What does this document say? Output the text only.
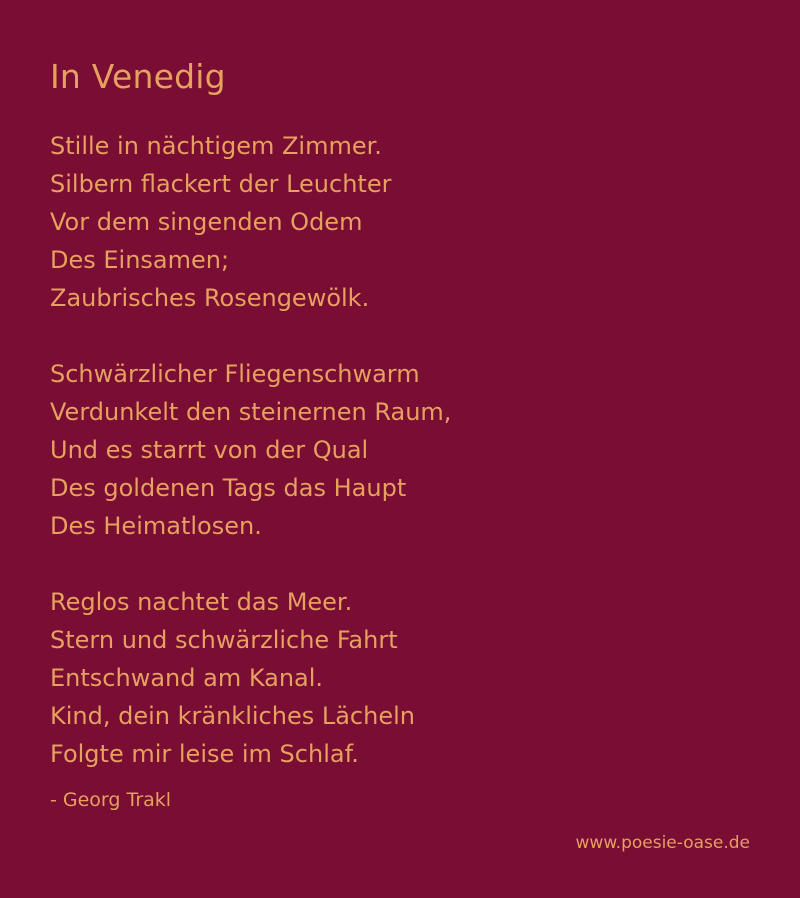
In Venedig
Stille in nächtigem Zimmer.
Silbern flackert der Leuchter
Vor dem singenden Odem
Des Einsamen;
Zaubrisches Rosengewölk.
Schwärzlicher Fliegenschwarm
Verdunkelt den steinernen Raum,
Und es starrt von der Qual
Des goldenen Tags das Haupt
Des Heimatlosen.
Reglos nachtet das Meer.
Stern und schwärzliche Fahrt
Entschwand am Kanal.
Kind, dein kränkliches Lächeln
Folgte mir leise im Schlaf.
- Georg Trakl
www.poesie-oase.de
